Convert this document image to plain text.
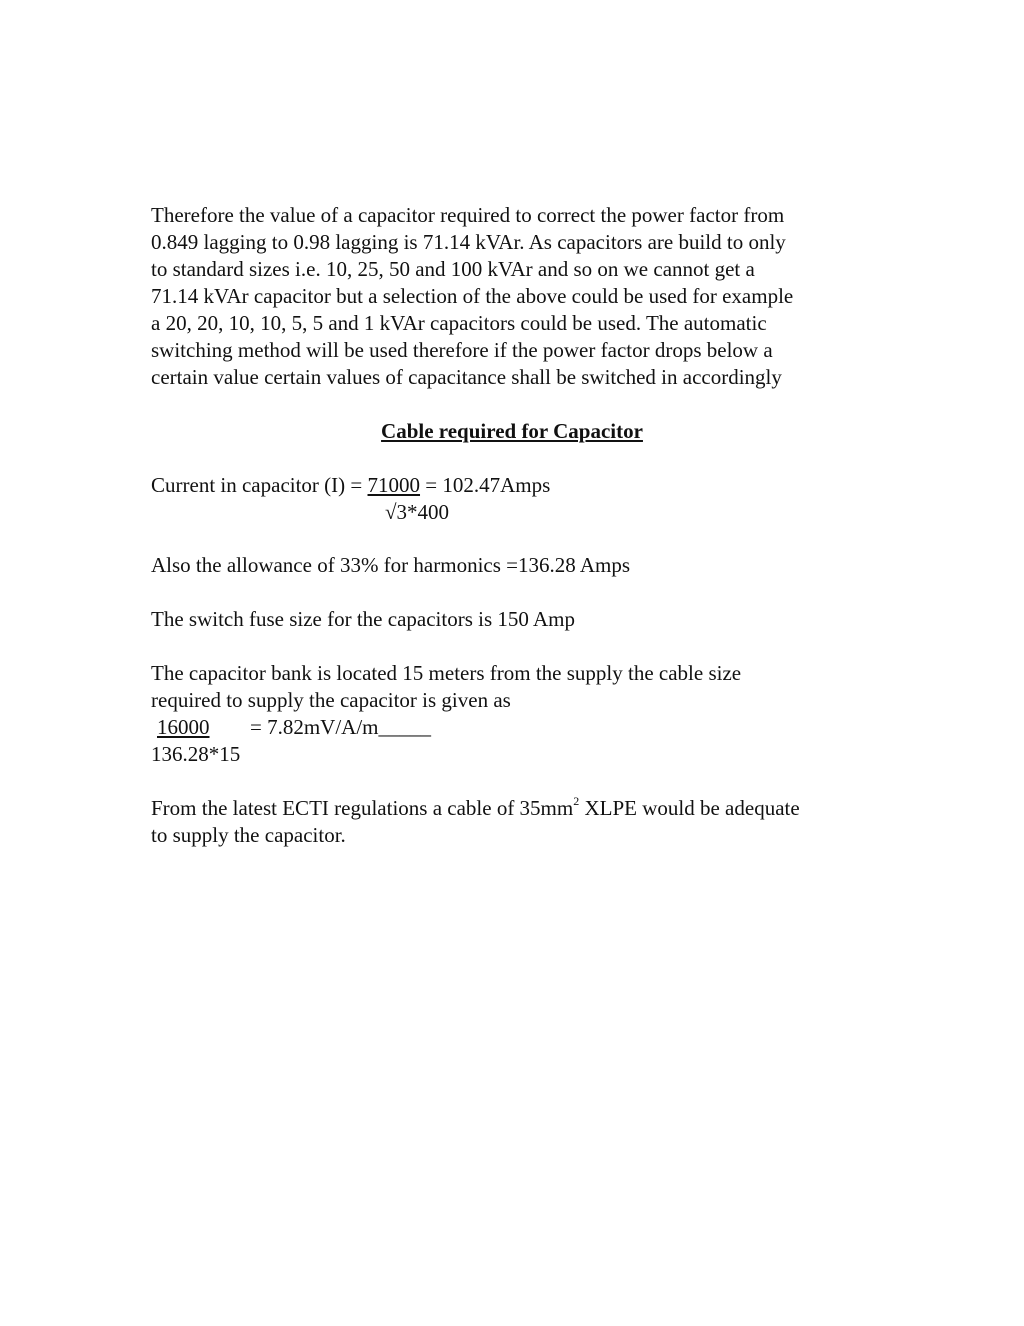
Therefore the value of a capacitor required to correct the power factor from
0.849 lagging to 0.98 lagging is 71.14 kVAr. As capacitors are build to only
to standard sizes i.e. 10, 25, 50 and 100 kVAr and so on we cannot get a
71.14 kVAr capacitor but a selection of the above could be used for example
a 20, 20, 10, 10, 5, 5 and 1 kVAr capacitors could be used. The automatic
switching method will be used therefore if the power factor drops below a
certain value certain values of capacitance shall be switched in accordingly
Cable required for Capacitor
Current in capacitor (I) = 71000 = 102.47Amps
√3*400
Also the allowance of 33% for harmonics =136.28 Amps
The switch fuse size for the capacitors is 150 Amp
The capacitor bank is located 15 meters from the supply the cable size
required to supply the capacitor is given as
16000 = 7.82mV/A/m_____
136.28*15
From the latest ECTI regulations a cable of $35mm^2$ XLPE would be adequate
to supply the capacitor.
